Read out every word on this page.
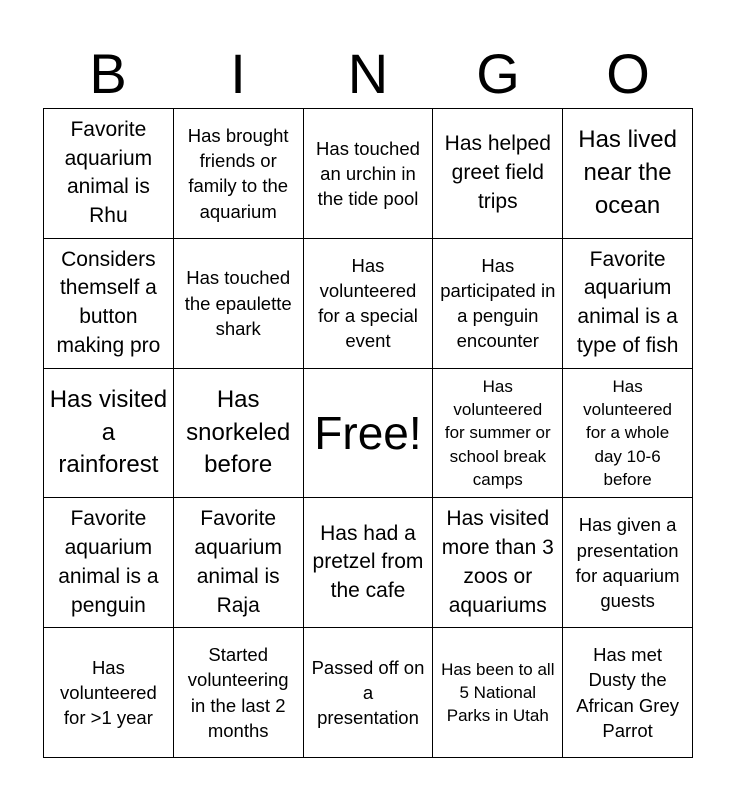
B	I	N	G	O
Favorite aquarium animal is Rhu
Has brought friends or family to the aquarium
Has touched an urchin in the tide pool
Has helped greet field trips
Has lived near the ocean
Considers themself a button making pro
Has touched the epaulette shark
Has volunteered for a special event
Has participated in a penguin encounter
Favorite aquarium animal is a type of fish
Has visited a rainforest
Has snorkeled before
Free!
Has volunteered for summer or school break camps
Has volunteered for a whole day 10-6 before
Favorite aquarium animal is a penguin
Favorite aquarium animal is Raja
Has had a pretzel from the cafe
Has visited more than 3 zoos or aquariums
Has given a presentation for aquarium guests
Has volunteered for >1 year
Started volunteering in the last 2 months
Passed off on a presentation
Has been to all 5 National Parks in Utah
Has met Dusty the African Grey Parrot
